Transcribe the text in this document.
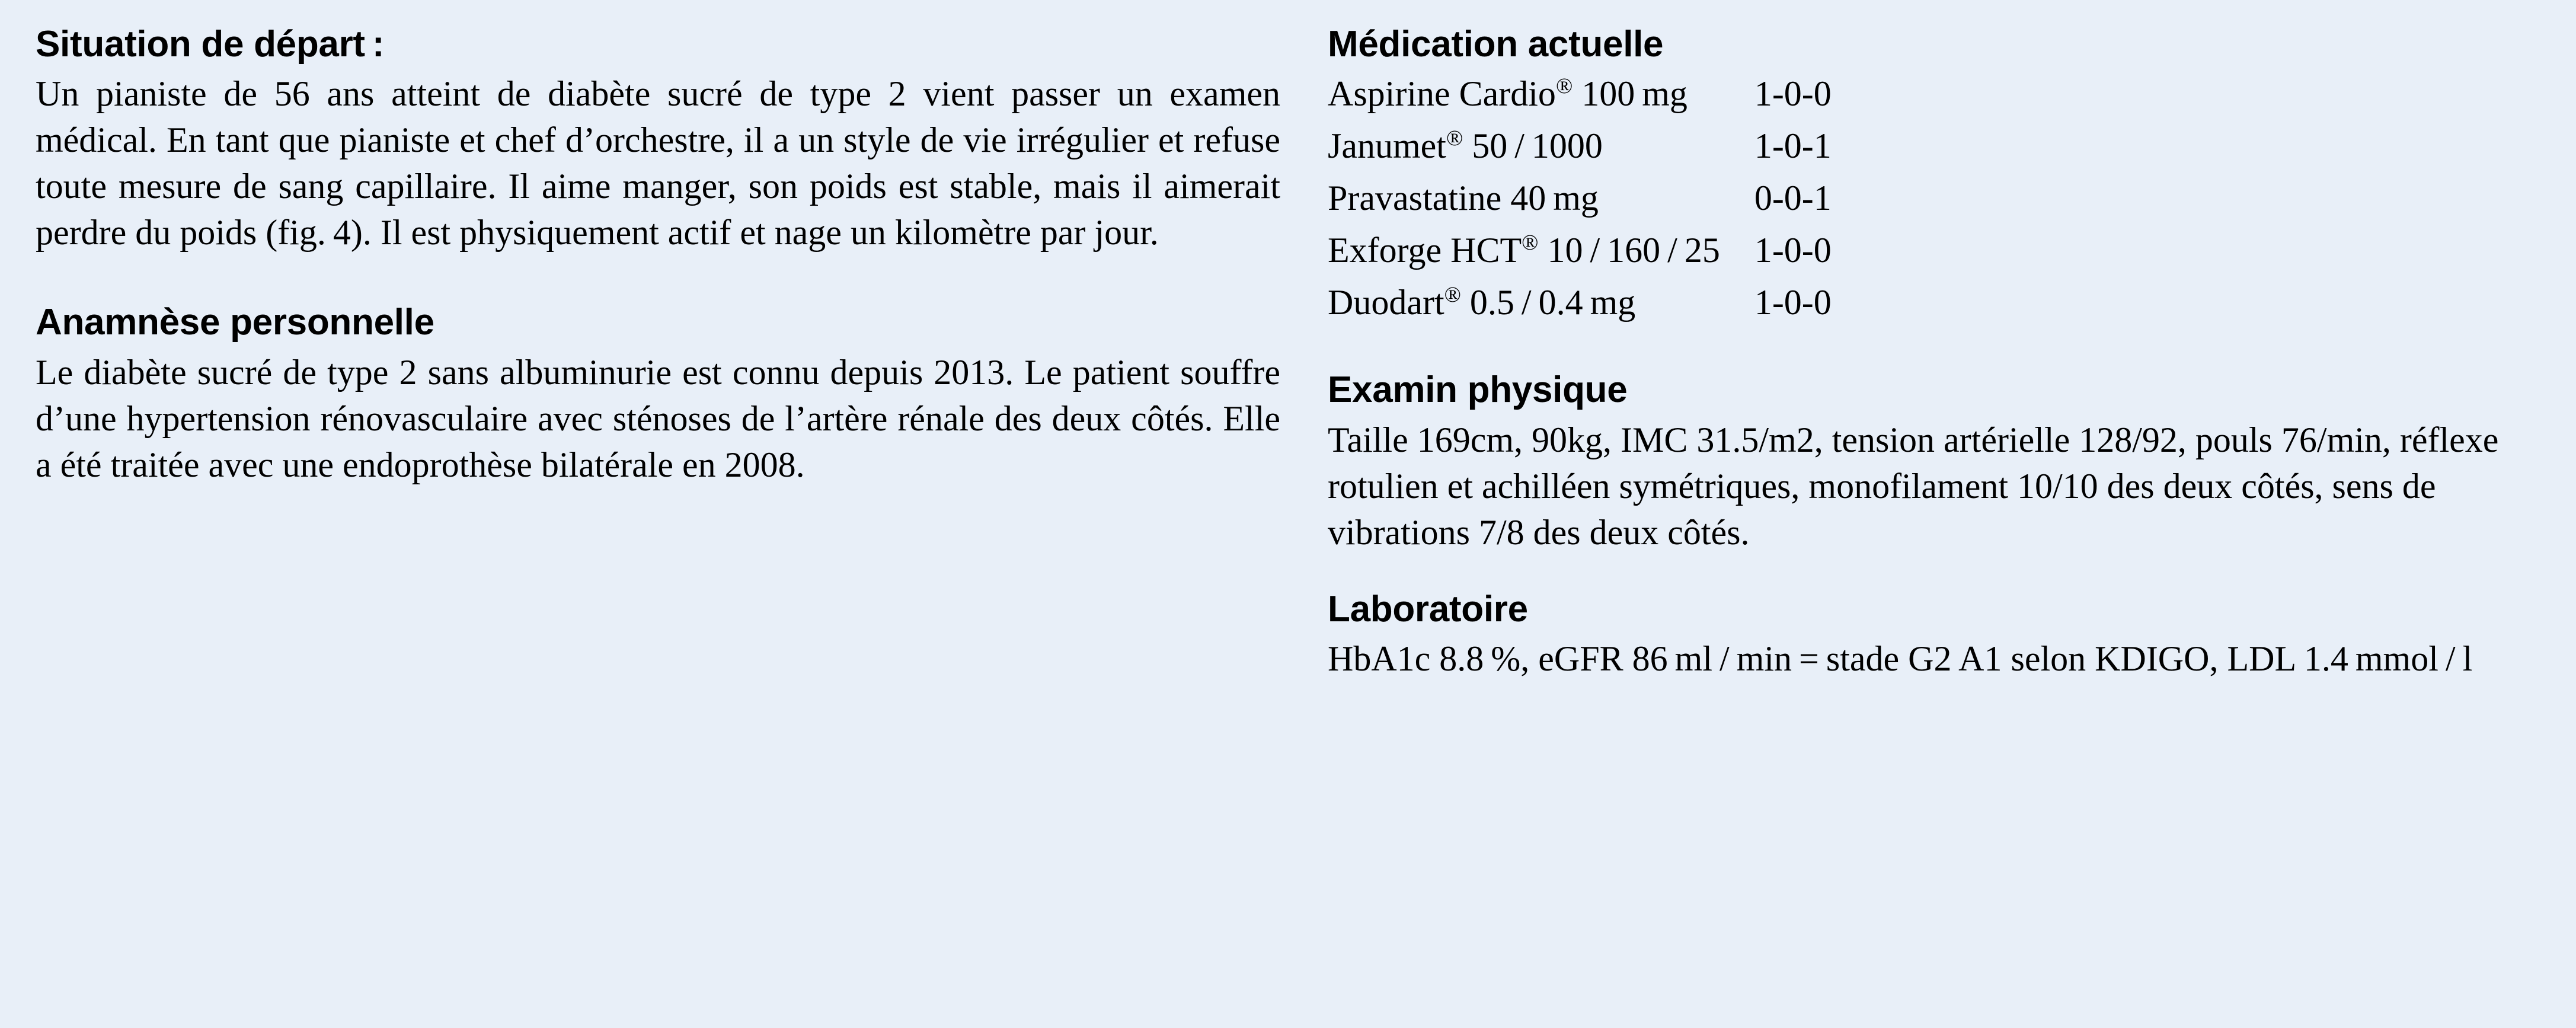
Situation de départ :

Un pianiste de 56 ans atteint de diabète sucré de type 2 vient passer un examen médical. En tant que pianiste et chef d’orchestre, il a un style de vie irrégulier et refuse toute mesure de sang capillaire. Il aime manger, son poids est stable, mais il aimerait perdre du poids (fig. 4). Il est physiquement actif et nage un kilomètre par jour.

Anamnèse personnelle

Le diabète sucré de type 2 sans albuminurie est connu depuis 2013. Le patient souffre d’une hypertension rénovasculaire avec sténoses de l’artère rénale des deux côtés. Elle a été traitée avec une endoprothèse bilatérale en 2008.

Médication actuelle
Aspirine Cardio® 100 mg	1-0-0
Janumet® 50 / 1000	1-0-1
Pravastatine 40 mg	0-0-1
Exforge HCT® 10 / 160 / 25	1-0-0
Duodart® 0.5 / 0.4 mg	1-0-0
Examin physique

Taille 169cm, 90kg, IMC 31.5/m2, tension artérielle 128/92, pouls 76/min, réflexe rotulien et achilléen symétriques, monofilament 10/10 des deux côtés, sens de vibrations 7/8 des deux côtés.

Laboratoire

HbA1c 8.8 %, eGFR 86 ml / min = stade G2 A1 selon KDIGO, LDL 1.4 mmol / l
